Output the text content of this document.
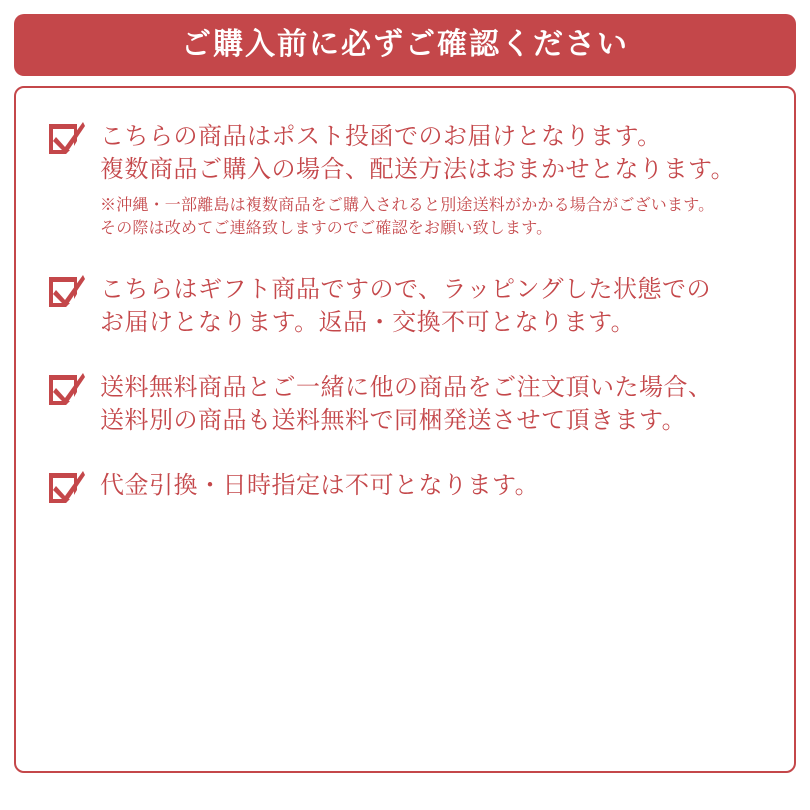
ご購入前に必ずご確認ください
こちらの商品はポスト投函でのお届けとなります。
複数商品ご購入の場合、配送方法はおまかせとなります。
※沖縄・一部離島は複数商品をご購入されると別途送料がかかる場合がございます。
その際は改めてご連絡致しますのでご確認をお願い致します。
こちらはギフト商品ですので、ラッピングした状態での
お届けとなります。返品・交換不可となります。
送料無料商品とご一緒に他の商品をご注文頂いた場合、
送料別の商品も送料無料で同梱発送させて頂きます。
代金引換・日時指定は不可となります。
